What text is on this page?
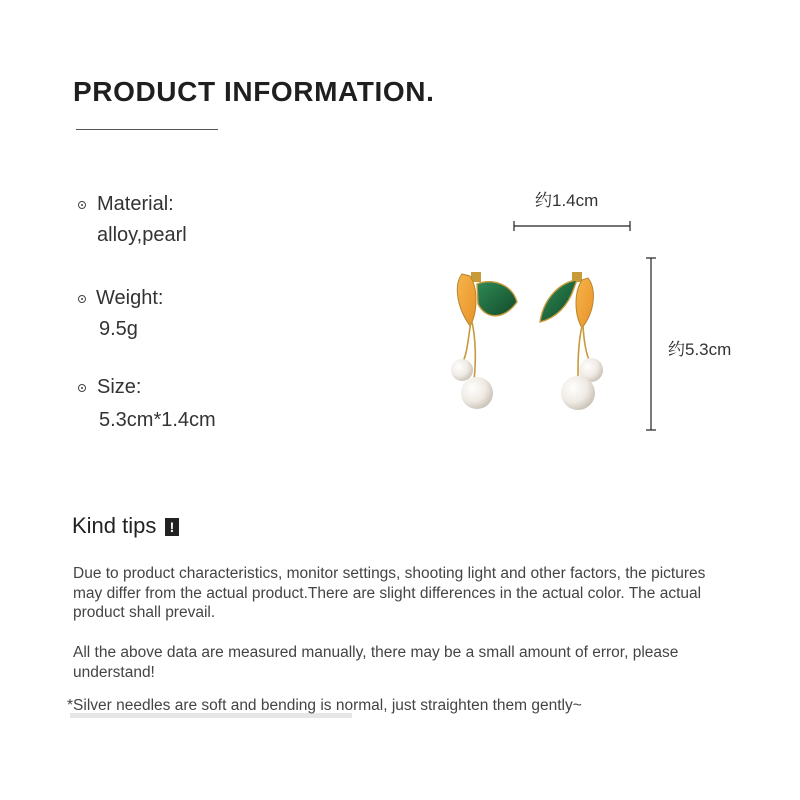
PRODUCT INFORMATION.
Material:
alloy,pearl
Weight:
9.5g
Size:
5.3cm*1.4cm
约1.4cm
约5.3cm
Kind tips !
Due to product characteristics, monitor settings, shooting light and other factors, the pictures may differ from the actual product.There are slight differences in the actual color. The actual product shall prevail.
All the above data are measured manually, there may be a small amount of error, please understand!
*Silver needles are soft and bending is normal, just straighten them gently~
